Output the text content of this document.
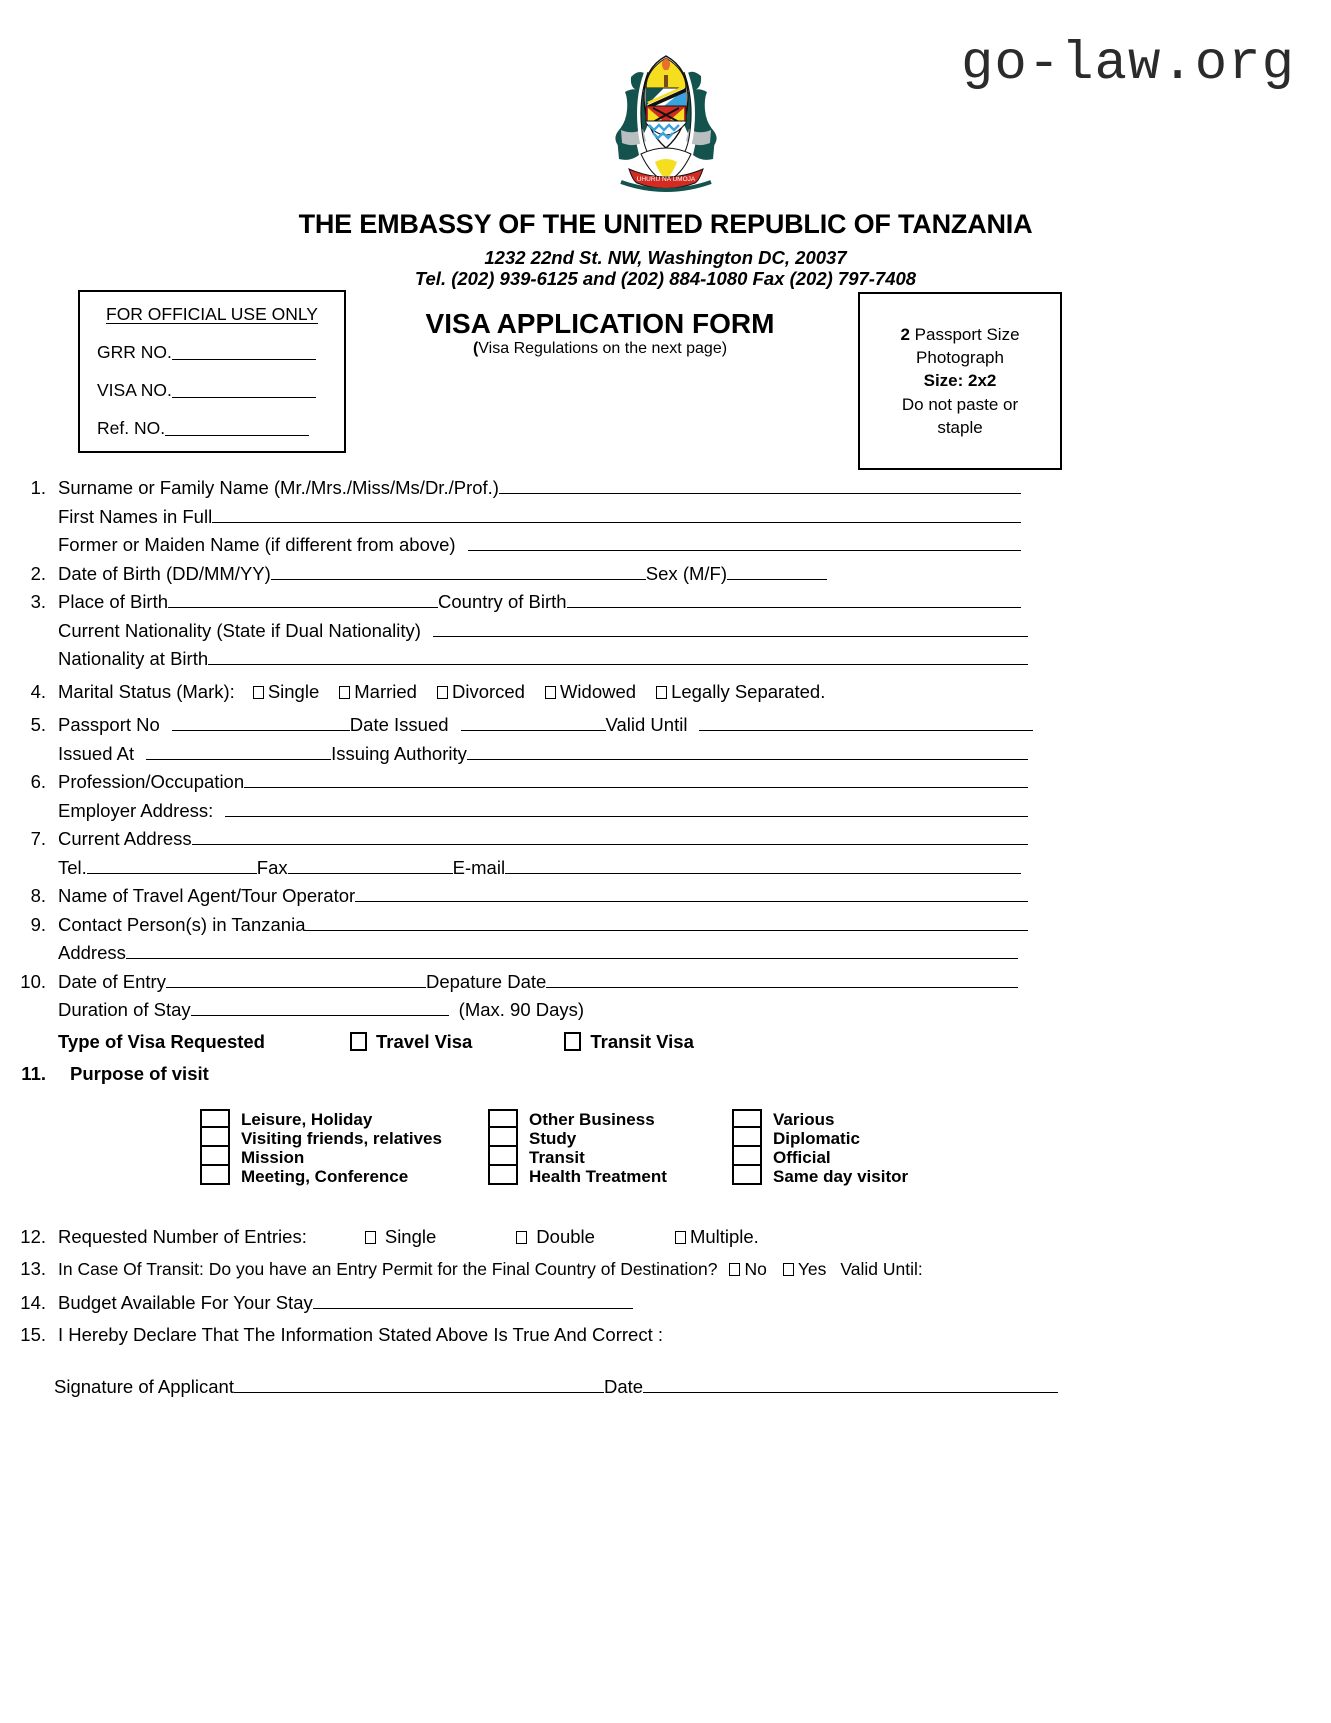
go-law.org
UHURU NA UMOJA
THE EMBASSY OF THE UNITED REPUBLIC OF TANZANIA
1232 22nd St. NW, Washington DC, 20037
Tel. (202) 939-6125 and (202) 884-1080 Fax (202) 797-7408
FOR OFFICIAL USE ONLY
GRR NO.
VISA NO.
Ref. NO.
VISA APPLICATION FORM
(Visa Regulations on the next page)
2 Passport Size
Photograph
Size: 2x2
Do not paste or
staple
1. Surname or Family Name (Mr./Mrs./Miss/Ms/Dr./Prof.)
First Names in Full
Former or Maiden Name (if different from above)
2. Date of Birth (DD/MM/YY)	Sex (M/F)
3. Place of Birth	Country of Birth
Current Nationality (State if Dual Nationality)
Nationality at Birth
4. Marital Status (Mark):	Single	Married	Divorced	Widowed	Legally Separated.
5. Passport No	Date Issued	Valid Until
Issued At	Issuing Authority
6. Profession/Occupation
Employer Address:
7. Current Address
Tel.	Fax	E-mail
8. Name of Travel Agent/Tour Operator
9. Contact Person(s) in Tanzania
Address
10. Date of Entry	Depature Date
Duration of Stay	(Max. 90 Days)
Type of Visa Requested	Travel Visa	Transit Visa
11.	Purpose of visit
Leisure, Holiday
Visiting friends, relatives
Mission
Meeting, Conference
Other Business
Study
Transit
Health Treatment
Various
Diplomatic
Official
Same day visitor
12. Requested Number of Entries:	Single	Double	Multiple.
13. In Case Of Transit: Do you have an Entry Permit for the Final Country of Destination?	No	Yes Valid Until:
14. Budget Available For Your Stay
15. I Hereby Declare That The Information Stated Above Is True And Correct :
Signature of Applicant	Date
